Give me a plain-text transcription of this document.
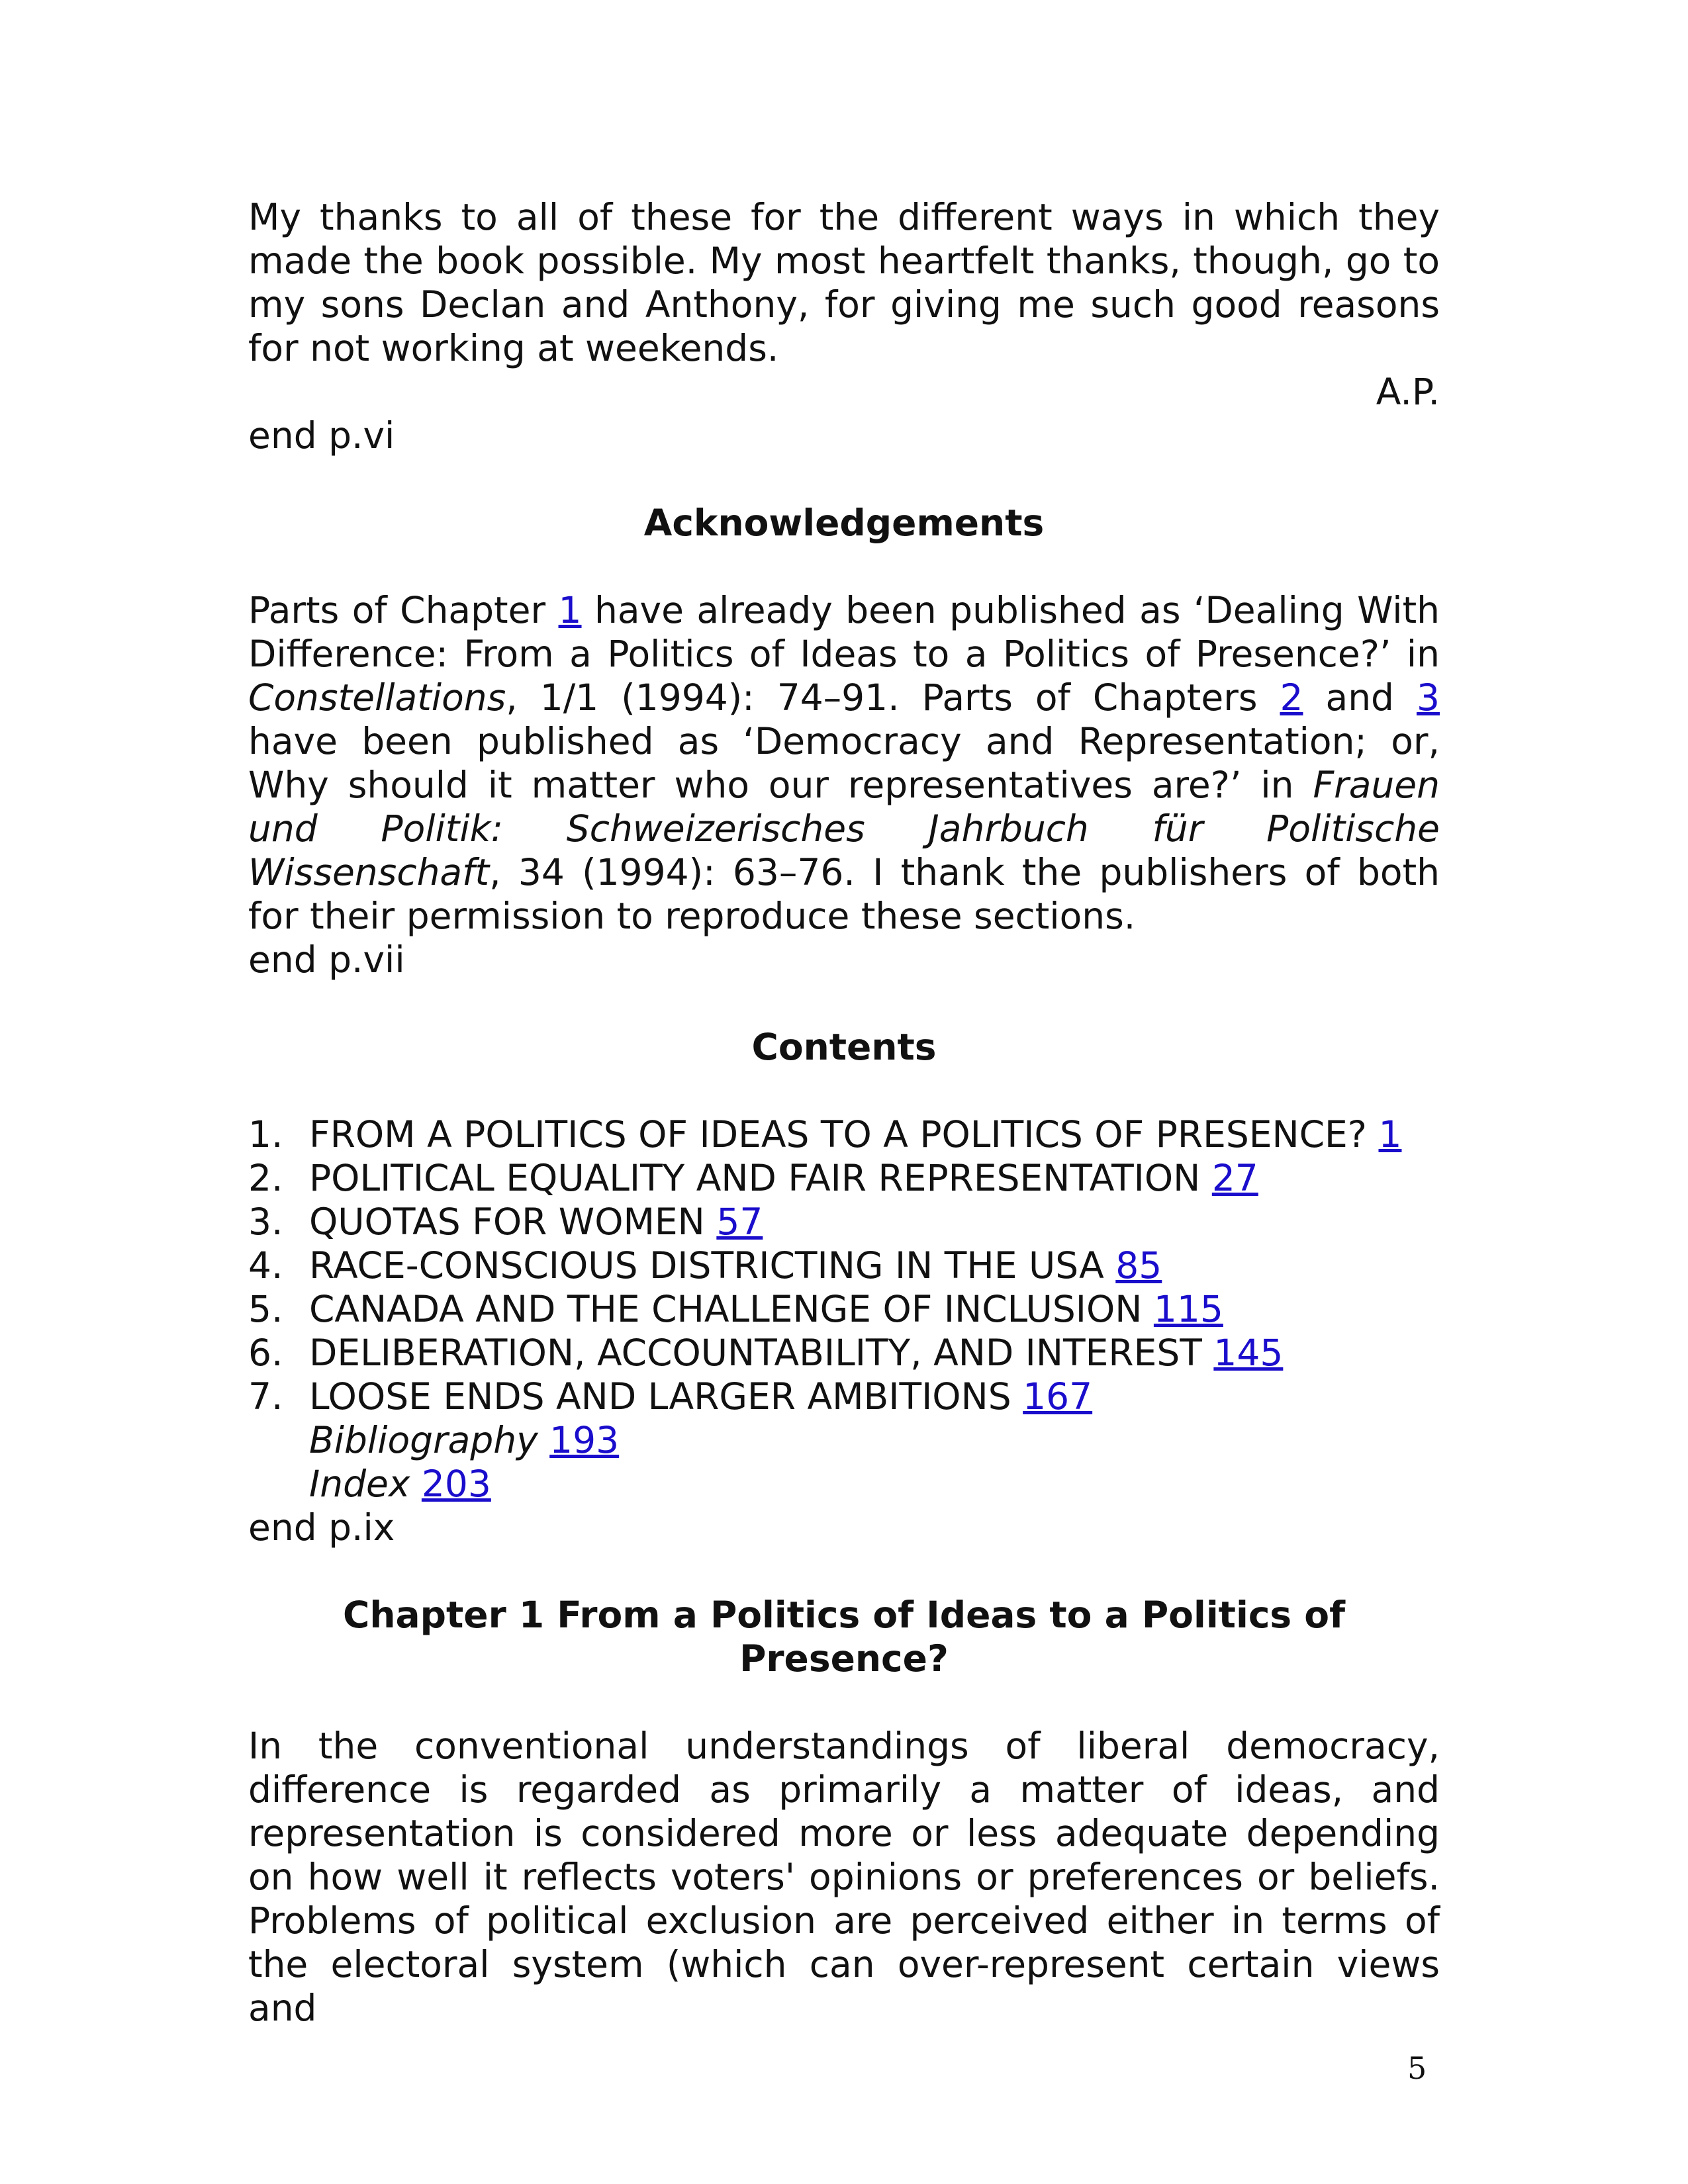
My thanks to all of these for the different ways in which they made the book possible. My most heartfelt thanks, though, go to my sons Declan and Anthony, for giving me such good reasons for not working at weekends.

A.P.

end p.vi

Acknowledgements

Parts of Chapter 1 have already been published as ‘Dealing With Difference: From a Politics of Ideas to a Politics of Presence?’ in Constellations, 1/1 (1994): 74–91. Parts of Chapters 2 and 3 have been published as ‘Democracy and Representation; or, Why should it matter who our representatives are?’ in Frauen und Politik: Schweizerisches Jahrbuch für Politische Wissenschaft, 34 (1994): 63–76. I thank the publishers of both for their permission to reproduce these sections.

end p.vii

Contents
1. FROM A POLITICS OF IDEAS TO A POLITICS OF PRESENCE? 1
2. POLITICAL EQUALITY AND FAIR REPRESENTATION 27
3. QUOTAS FOR WOMEN 57
4. RACE-CONSCIOUS DISTRICTING IN THE USA 85
5. CANADA AND THE CHALLENGE OF INCLUSION 115
6. DELIBERATION, ACCOUNTABILITY, AND INTEREST 145
7. LOOSE ENDS AND LARGER AMBITIONS 167
Bibliography 193
Index 203

end p.ix

Chapter 1 From a Politics of Ideas to a Politics of
Presence?

In the conventional understandings of liberal democracy, difference is regarded as primarily a matter of ideas, and representation is considered more or less adequate depending on how well it reflects voters' opinions or preferences or beliefs. Problems of political exclusion are perceived either in terms of the electoral system (which can over-represent certain views and

5
